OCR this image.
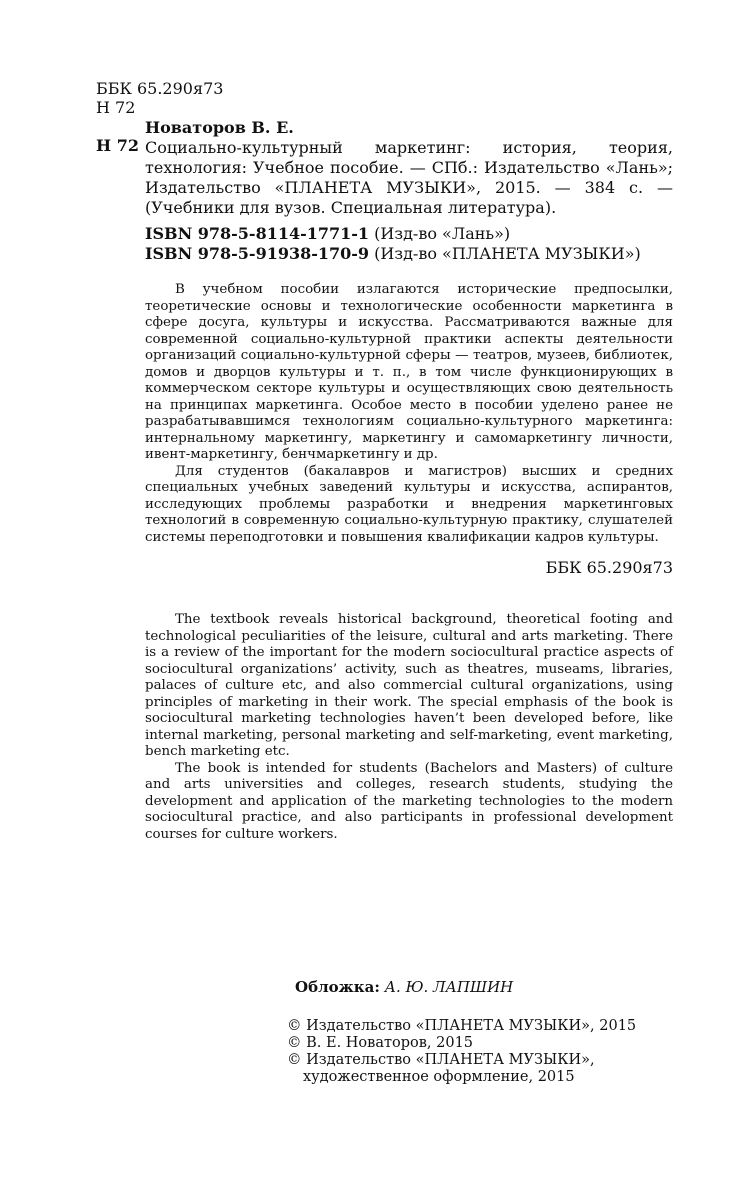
ББК 65.290я73
Н 72
Н 72
Новаторов В. Е.

Социально-культурный маркетинг: история, теория, технология: Учебное пособие. — СПб.: Издательство «Лань»; Издательство «ПЛАНЕТА МУЗЫКИ», 2015. — 384 с. — (Учебники для вузов. Специальная литература).

ISBN 978-5-8114-1771-1 (Изд-во «Лань»)
ISBN 978-5-91938-170-9 (Изд-во «ПЛАНЕТА МУЗЫКИ»)

В учебном пособии излагаются исторические предпосылки, теоретические основы и технологические особенности маркетинга в сфере досуга, культуры и искусства. Рассматриваются важные для современной социально-культурной практики аспекты деятельности организаций социально-культурной сферы — театров, музеев, библиотек, домов и дворцов культуры и т. п., в том числе функционирующих в коммерческом секторе культуры и осуществляющих свою деятельность на принципах маркетинга. Особое место в пособии уделено ранее не разрабатывавшимся технологиям социально-культурного маркетинга: интернальному маркетингу, маркетингу и самомаркетингу личности, ивент-маркетингу, бенчмаркетингу и др.

Для студентов (бакалавров и магистров) высших и средних специальных учебных заведений культуры и искусства, аспирантов, исследующих проблемы разработки и внедрения маркетинговых технологий в современную социально-культурную практику, слушателей системы переподготовки и повышения квалификации кадров культуры.

ББК 65.290я73

The textbook reveals historical background, theoretical footing and technological peculiarities of the leisure, cultural and arts marketing. There is a review of the important for the modern sociocultural practice aspects of sociocultural organizations’ activity, such as theatres, museams, libraries, palaces of culture etc, and also commercial cultural organizations, using principles of marketing in their work. The special emphasis of the book is sociocultural marketing technologies haven’t been developed before, like internal marketing, personal marketing and self-marketing, event marketing, bench marketing etc.

The book is intended for students (Bachelors and Masters) of culture and arts universities and colleges, research students, studying the development and application of the marketing technologies to the modern sociocultural practice, and also participants in professional development courses for culture workers.

Обложка: А. Ю. ЛАПШИН
© Издательство «ПЛАНЕТА МУЗЫКИ», 2015
© В. Е. Новаторов, 2015
© Издательство «ПЛАНЕТА МУЗЫКИ»,
художественное оформление, 2015
